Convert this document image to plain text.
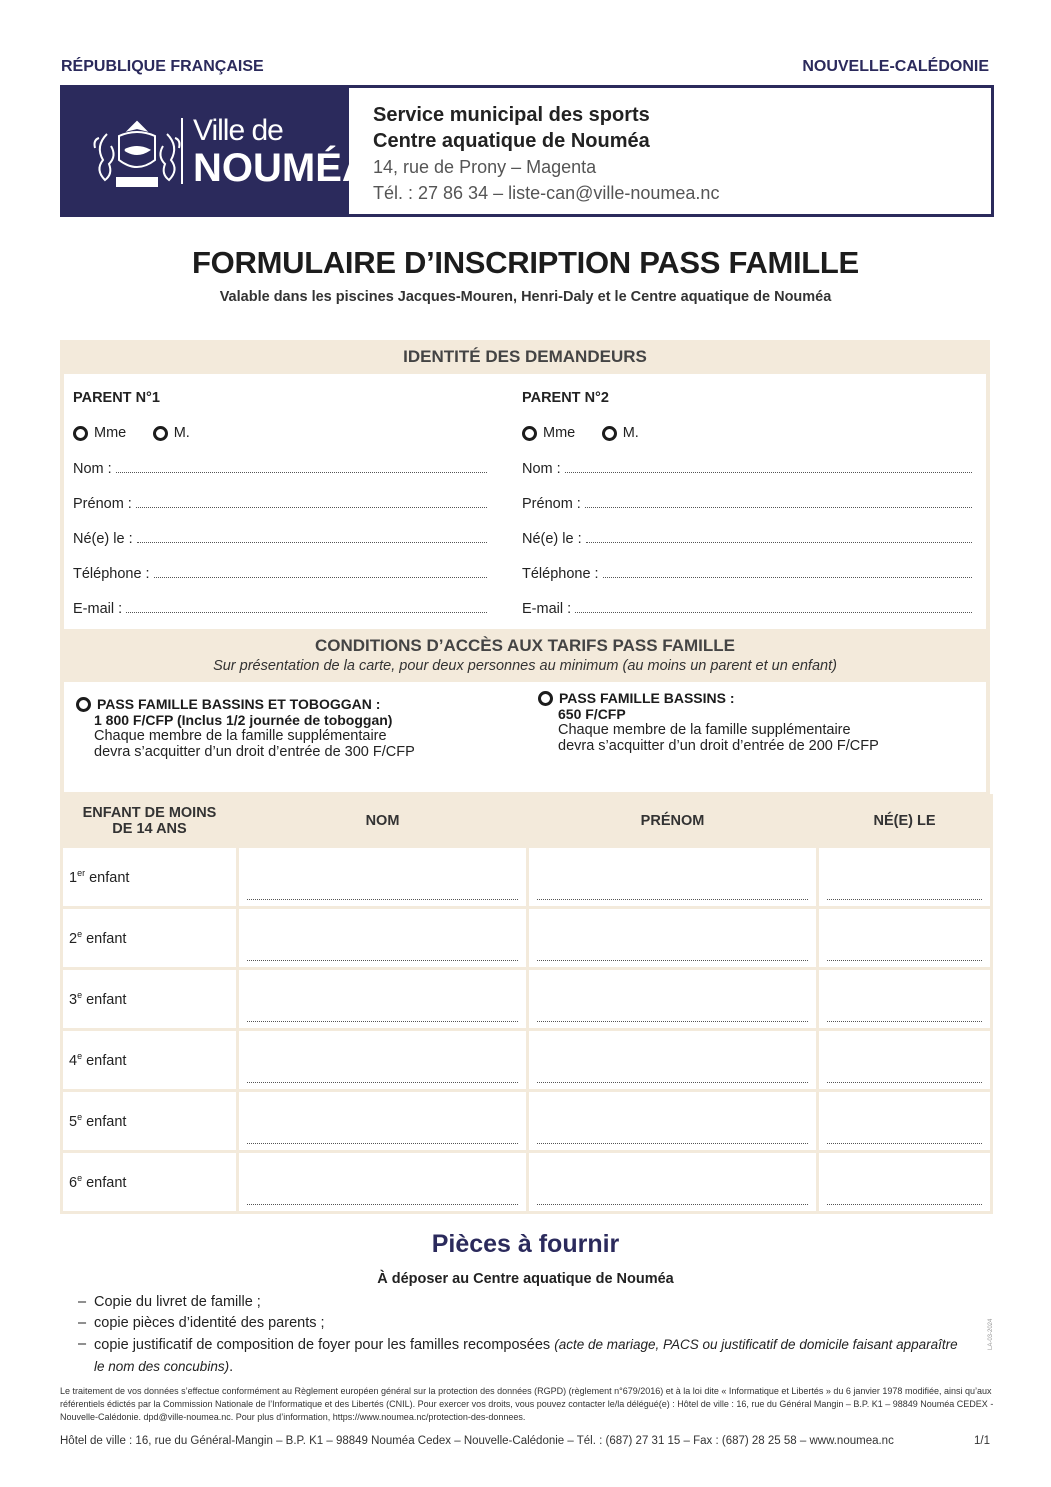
RÉPUBLIQUE FRANÇAISE	NOUVELLE-CALÉDONIE
Ville de
NOUMÉA
Service municipal des sports
Centre aquatique de Nouméa
14, rue de Prony – Magenta
Tél. : 27 86 34 – liste-can@ville-noumea.nc
FORMULAIRE D’INSCRIPTION PASS FAMILLE
Valable dans les piscines Jacques-Mouren, Henri-Daly et le Centre aquatique de Nouméa
IDENTITÉ DES DEMANDEURS
PARENT N°1
Mme
	M.
Nom :
Prénom :
Né(e) le :
Téléphone :
E-mail :
PARENT N°2
Mme
	M.
Nom :
Prénom :
Né(e) le :
Téléphone :
E-mail :
CONDITIONS D’ACCÈS AUX TARIFS PASS FAMILLE
Sur présentation de la carte, pour deux personnes au minimum (au moins un parent et un enfant)
PASS FAMILLE BASSINS ET TOBOGGAN :
1 800 F/CFP (Inclus 1/2 journée de toboggan)
Chaque membre de la famille supplémentaire
devra s’acquitter d’un droit d’entrée de 300 F/CFP
PASS FAMILLE BASSINS :
650 F/CFP
Chaque membre de la famille supplémentaire
devra s’acquitter d’un droit d’entrée de 200 F/CFP
ENFANT DE MOINS
DE 14 ANS	NOM	PRÉNOM	NÉ(E) LE
1er enfant	

2e enfant	

3e enfant	

4e enfant	

5e enfant	

6e enfant	

Pièces à fournir
À déposer au Centre aquatique de Nouméa
– Copie du livret de famille ;
– copie pièces d’identité des parents ;
– copie justificatif de composition de foyer pour les familles recomposées (acte de mariage, PACS ou justificatif de domicile faisant apparaître
le nom des concubins).
LA-03-2024
Le traitement de vos données s’effectue conformément au Règlement européen général sur la protection des données (RGPD) (règlement n°679/2016) et à la loi dite « Informatique et Libertés » du 6 janvier 1978 modifiée, ainsi qu’aux référentiels édictés par la Commission Nationale de l’Informatique et des Libertés (CNIL). Pour exercer vos droits, vous pouvez contacter le/la délégué(e) : Hôtel de ville : 16, rue du Général Mangin – B.P. K1 – 98849 Nouméa CEDEX - Nouvelle-Calédonie. dpd@ville-noumea.nc. Pour plus d’information, https://www.noumea.nc/protection-des-donnees.
Hôtel de ville : 16, rue du Général-Mangin – B.P. K1 – 98849 Nouméa Cedex – Nouvelle-Calédonie – Tél. : (687) 27 31 15 – Fax : (687) 28 25 58 – www.noumea.nc	1/1
